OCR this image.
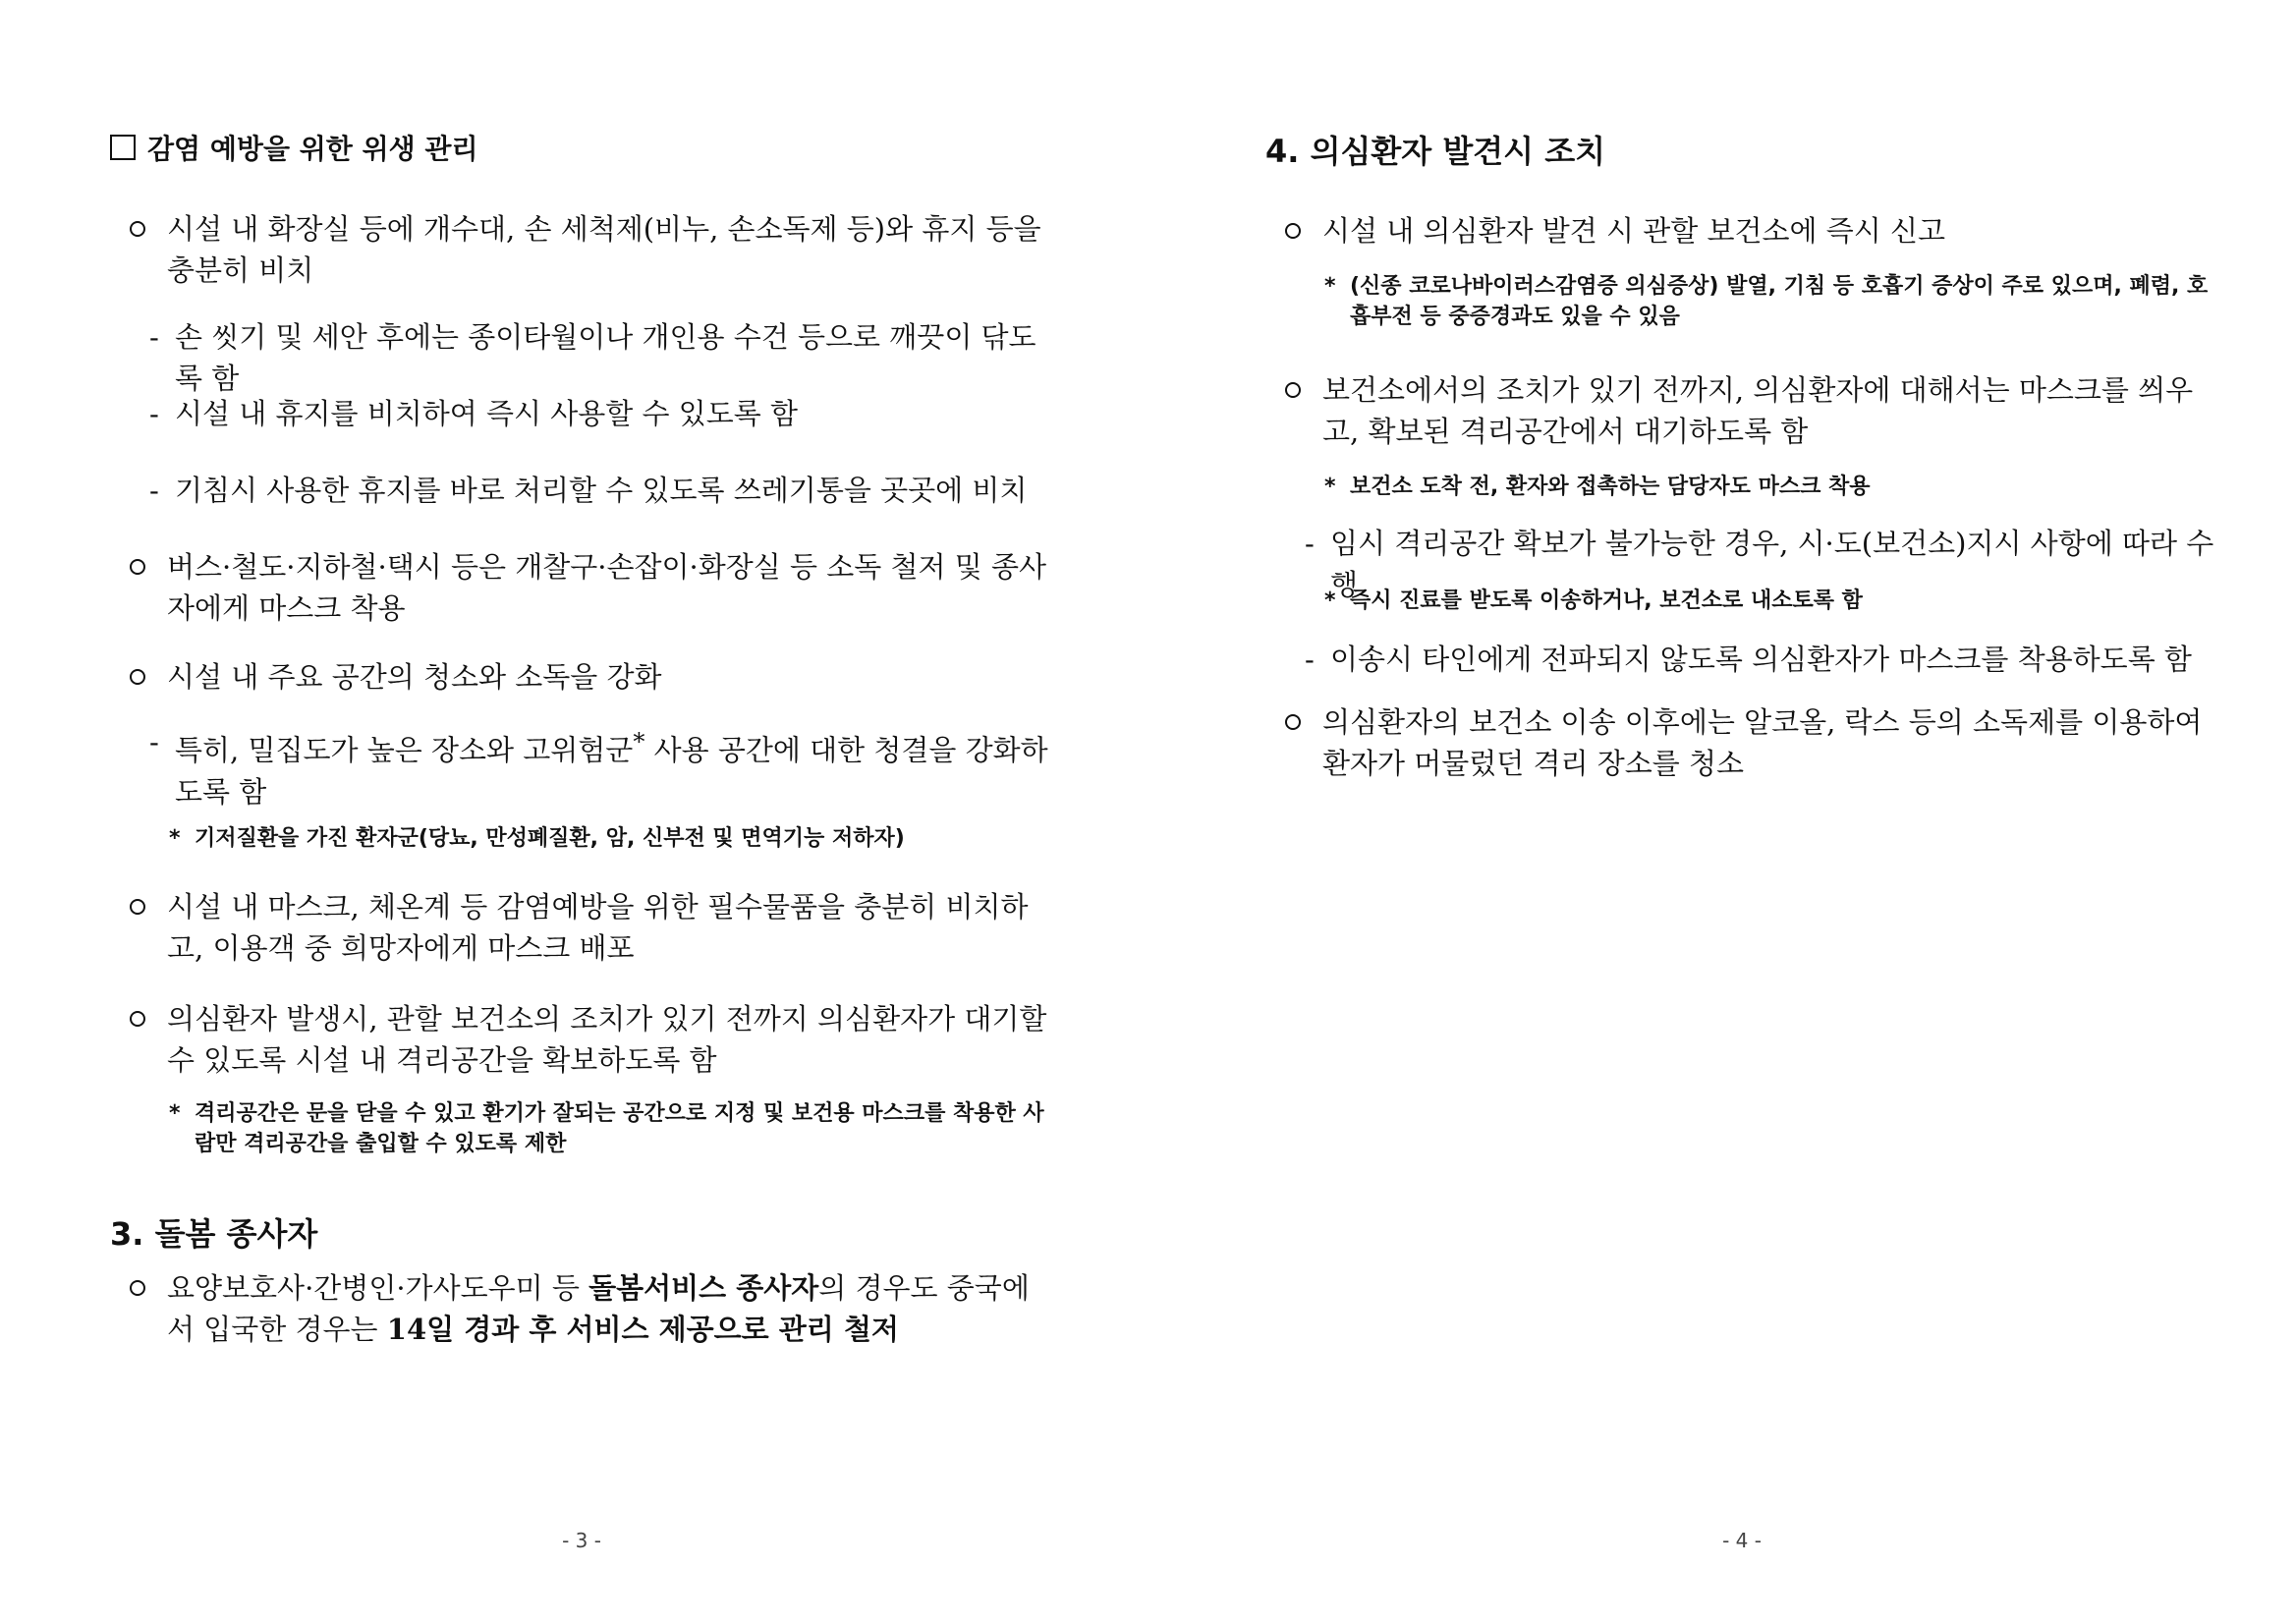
감염 예방을 위한 위생 관리
시설 내 화장실 등에 개수대, 손 세척제(비누, 손소독제 등)와 휴지 등을 충분히 비치
- 손 씻기 및 세안 후에는 종이타월이나 개인용 수건 등으로 깨끗이 닦도록 함
- 시설 내 휴지를 비치하여 즉시 사용할 수 있도록 함
- 기침시 사용한 휴지를 바로 처리할 수 있도록 쓰레기통을 곳곳에 비치
버스·철도·지하철·택시 등은 개찰구·손잡이·화장실 등 소독 철저 및 종사자에게 마스크 착용
시설 내 주요 공간의 청소와 소독을 강화
- 특히, 밀집도가 높은 장소와 고위험군* 사용 공간에 대한 청결을 강화하도록 함
* 기저질환을 가진 환자군(당뇨, 만성폐질환, 암, 신부전 및 면역기능 저하자)
시설 내 마스크, 체온계 등 감염예방을 위한 필수물품을 충분히 비치하고, 이용객 중 희망자에게 마스크 배포
의심환자 발생시, 관할 보건소의 조치가 있기 전까지 의심환자가 대기할 수 있도록 시설 내 격리공간을 확보하도록 함
* 격리공간은 문을 닫을 수 있고 환기가 잘되는 공간으로 지정 및 보건용 마스크를 착용한 사람만 격리공간을 출입할 수 있도록 제한
3. 돌봄 종사자
요양보호사·간병인·가사도우미 등 돌봄서비스 종사자의 경우도 중국에서 입국한 경우는 14일 경과 후 서비스 제공으로 관리 철저
- 3 -
4. 의심환자 발견시 조치
시설 내 의심환자 발견 시 관할 보건소에 즉시 신고
* (신종 코로나바이러스감염증 의심증상) 발열, 기침 등 호흡기 증상이 주로 있으며, 폐렴, 호흡부전 등 중증경과도 있을 수 있음
보건소에서의 조치가 있기 전까지, 의심환자에 대해서는 마스크를 씌우고, 확보된 격리공간에서 대기하도록 함
* 보건소 도착 전, 환자와 접촉하는 담당자도 마스크 착용
- 임시 격리공간 확보가 불가능한 경우, 시·도(보건소)지시 사항에 따라 수행
* 즉시 진료를 받도록 이송하거나, 보건소로 내소토록 함
- 이송시 타인에게 전파되지 않도록 의심환자가 마스크를 착용하도록 함
의심환자의 보건소 이송 이후에는 알코올, 락스 등의 소독제를 이용하여 환자가 머물렀던 격리 장소를 청소
- 4 -
